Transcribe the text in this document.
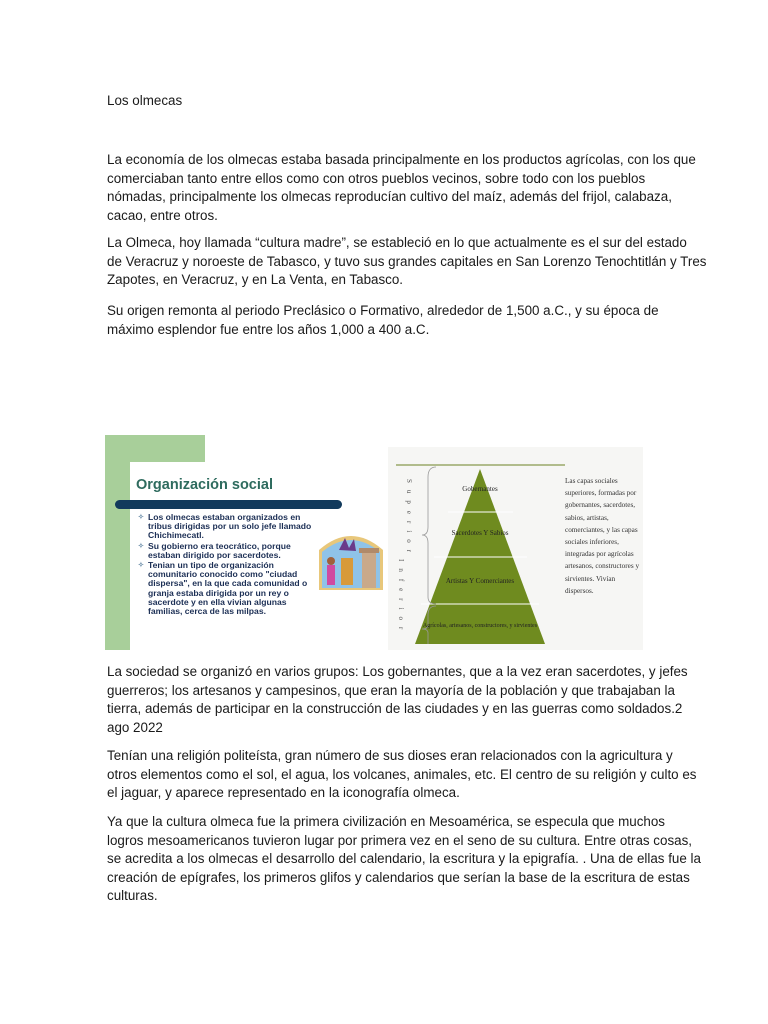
Los olmecas
La economía de los olmecas estaba basada principalmente en los productos agrícolas, con los que
comerciaban tanto entre ellos como con otros pueblos vecinos, sobre todo con los pueblos
nómadas, principalmente los olmecas reproducían cultivo del maíz, además del frijol, calabaza,
cacao, entre otros.
La Olmeca, hoy llamada “cultura madre”, se estableció en lo que actualmente es el sur del estado
de Veracruz y noroeste de Tabasco, y tuvo sus grandes capitales en San Lorenzo Tenochtitlán y Tres
Zapotes, en Veracruz, y en La Venta, en Tabasco.
Su origen remonta al periodo Preclásico o Formativo, alrededor de 1,500 a.C., y su época de
máximo esplendor fue entre los años 1,000 a 400 a.C.
Organización social
✧ Los olmecas estaban organizados en tribus dirigidas por un solo jefe llamado Chichimecatl.
✧ Su gobierno era teocrático, porque estaban dirigido por sacerdotes.
✧ Tenian un tipo de organización comunitario conocido como "ciudad dispersa", en la que cada comunidad o granja estaba dirigida por un rey o sacerdote y en ella vivian algunas familias, cerca de las milpas.
Gobernantes
Sacerdotes Y Sabios
Artistas Y Comerciantes
Agrícolas, artesanos, constructores, y sirvientes
Superior
Inferior
Las capas sociales superiores, formadas por gobernantes, sacerdotes, sabios, artistas, comerciantes, y las capas sociales inferiores, integradas por agrícolas artesanos, constructores y sirvientes. Vivían dispersos.
La sociedad se organizó en varios grupos: Los gobernantes, que a la vez eran sacerdotes, y jefes
guerreros; los artesanos y campesinos, que eran la mayoría de la población y que trabajaban la
tierra, además de participar en la construcción de las ciudades y en las guerras como soldados.2
ago 2022
Tenían una religión politeísta, gran número de sus dioses eran relacionados con la agricultura y
otros elementos como el sol, el agua, los volcanes, animales, etc. El centro de su religión y culto es
el jaguar, y aparece representado en la iconografía olmeca.
Ya que la cultura olmeca fue la primera civilización en Mesoamérica, se especula que muchos
logros mesoamericanos tuvieron lugar por primera vez en el seno de su cultura. Entre otras cosas,
se acredita a los olmecas el desarrollo del calendario, la escritura y la epigrafía. . Una de ellas fue la
creación de epígrafes, los primeros glifos y calendarios que serían la base de la escritura de estas
culturas.
